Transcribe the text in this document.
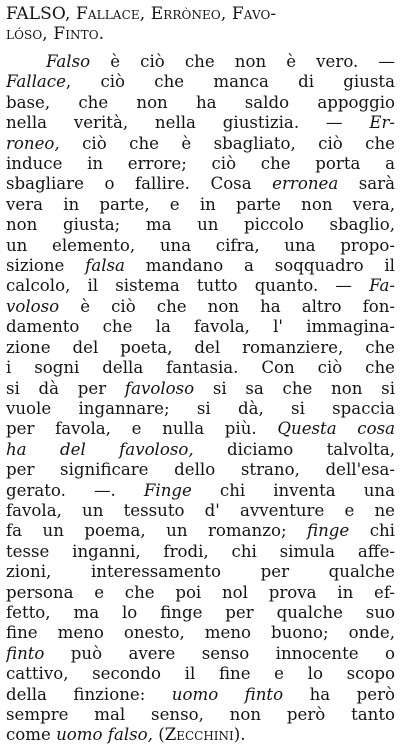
FALSO, Fallace, Erròneo, Favo-
lóso, Finto.
Falso è ciò che non è vero. —
Fallace, ciò che manca di giusta
base, che non ha saldo appoggio
nella verità, nella giustizia. — Er-
roneo, ciò che è sbagliato, ciò che
induce in errore; ciò che porta a
sbagliare o fallire. Cosa erronea sarà
vera in parte, e in parte non vera,
non giusta; ma un piccolo sbaglio,
un elemento, una cifra, una propo-
sizione falsa mandano a soqquadro il
calcolo, il sistema tutto quanto. — Fa-
voloso è ciò che non ha altro fon-
damento che la favola, l' immagina-
zione del poeta, del romanziere, che
i sogni della fantasia. Con ciò che
si dà per favoloso si sa che non si
vuole ingannare; si dà, si spaccia
per favola, e nulla più. Questa cosa
ha del favoloso, diciamo talvolta,
per significare dello strano, dell'esa-
gerato. —. Finge chi inventa una
favola, un tessuto d' avventure e ne
fa un poema, un romanzo; finge chi
tesse inganni, frodi, chi simula affe-
zioni, interessamento per qualche
persona e che poi nol prova in ef-
fetto, ma lo finge per qualche suo
fine meno onesto, meno buono; onde,
finto può avere senso innocente o
cattivo, secondo il fine e lo scopo
della finzione: uomo finto ha però
sempre mal senso, non però tanto
come uomo falso, (Zecchini).
